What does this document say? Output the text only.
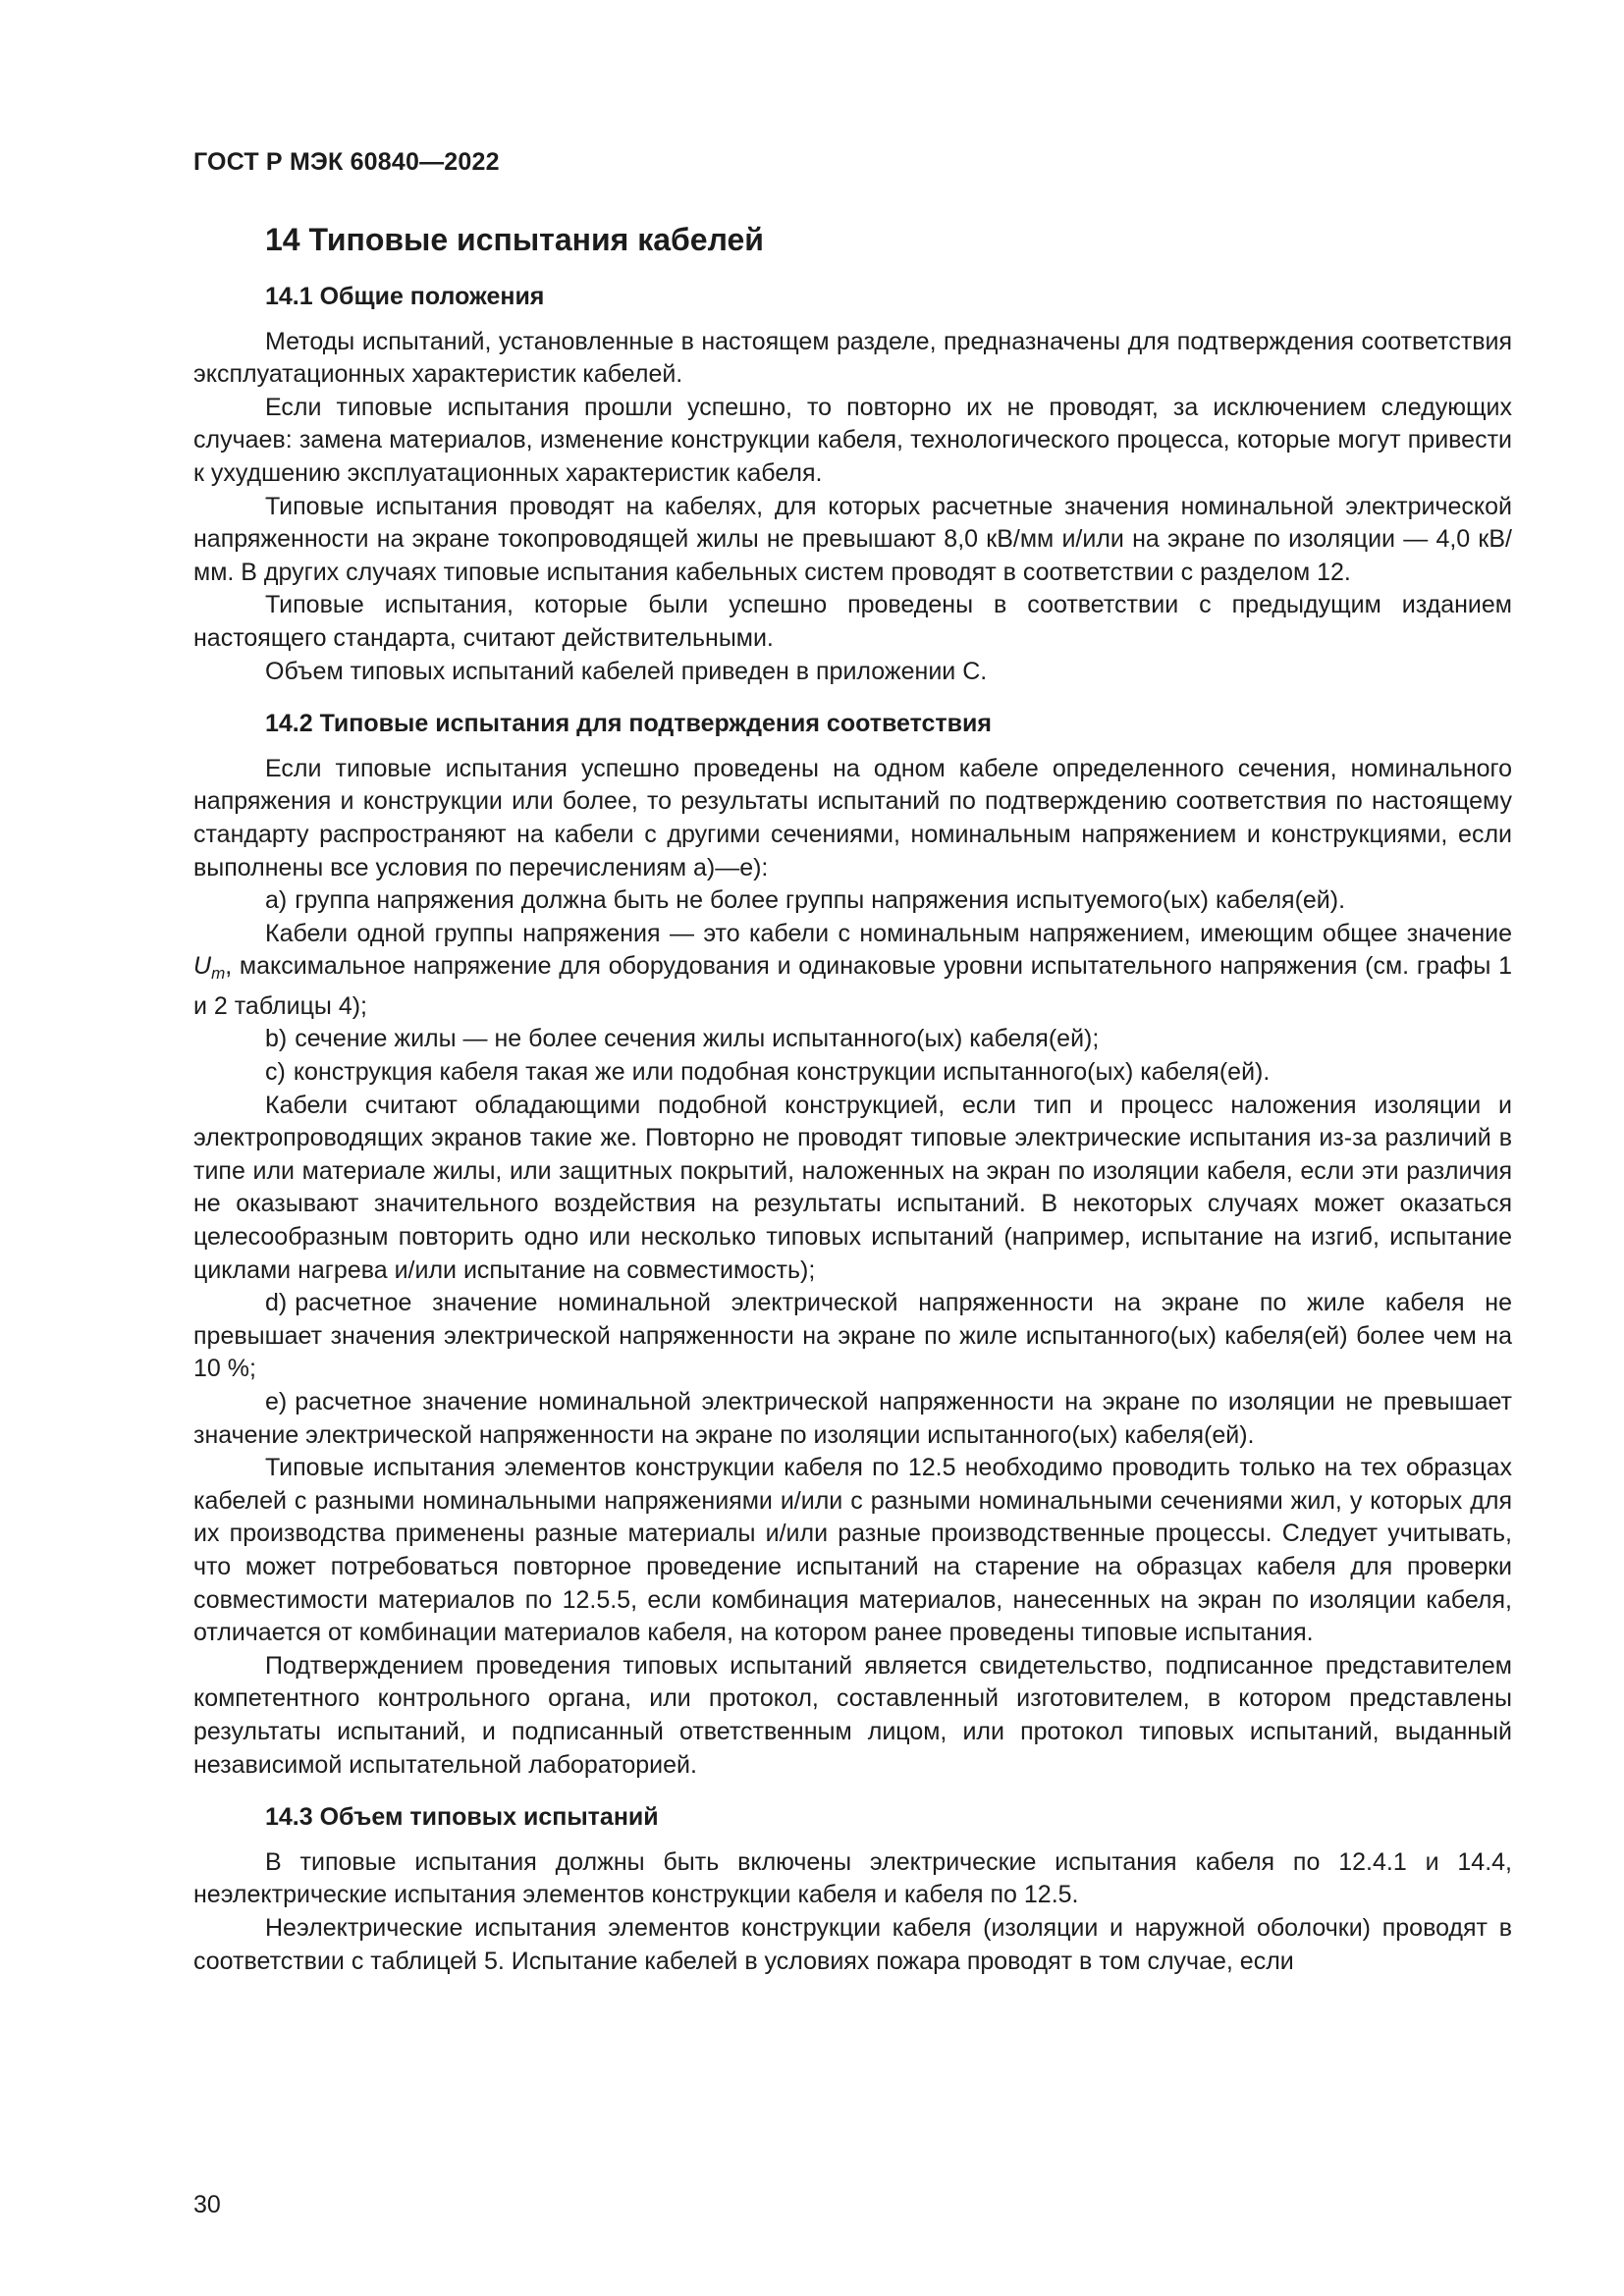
ГОСТ Р МЭК 60840—2022
14 Типовые испытания кабелей
14.1 Общие положения

Методы испытаний, установленные в настоящем разделе, предназначены для подтверждения соответствия эксплуатационных характеристик кабелей.

Если типовые испытания прошли успешно, то повторно их не проводят, за исключением следующих случаев: замена материалов, изменение конструкции кабеля, технологического процесса, которые могут привести к ухудшению эксплуатационных характеристик кабеля.

Типовые испытания проводят на кабелях, для которых расчетные значения номинальной электрической напряженности на экране токопроводящей жилы не превышают 8,0 кВ/мм и/или на экране по изоляции — 4,0 кВ/мм. В других случаях типовые испытания кабельных систем проводят в соответствии с разделом 12.

Типовые испытания, которые были успешно проведены в соответствии с предыдущим изданием настоящего стандарта, считают действительными.

Объем типовых испытаний кабелей приведен в приложении С.

14.2 Типовые испытания для подтверждения соответствия

Если типовые испытания успешно проведены на одном кабеле определенного сечения, номинального напряжения и конструкции или более, то результаты испытаний по подтверждению соответствия по настоящему стандарту распространяют на кабели с другими сечениями, номинальным напряжением и конструкциями, если выполнены все условия по перечислениям а)—е):

а) группа напряжения должна быть не более группы напряжения испытуемого(ых) кабеля(ей).

Кабели одной группы напряжения — это кабели с номинальным напряжением, имеющим общее значение $U_m$, максимальное напряжение для оборудования и одинаковые уровни испытательного напряжения (см. графы 1 и 2 таблицы 4);

b) сечение жилы — не более сечения жилы испытанного(ых) кабеля(ей);

с) конструкция кабеля такая же или подобная конструкции испытанного(ых) кабеля(ей).

Кабели считают обладающими подобной конструкцией, если тип и процесс наложения изоляции и электропроводящих экранов такие же. Повторно не проводят типовые электрические испытания из-за различий в типе или материале жилы, или защитных покрытий, наложенных на экран по изоляции кабеля, если эти различия не оказывают значительного воздействия на результаты испытаний. В некоторых случаях может оказаться целесообразным повторить одно или несколько типовых испытаний (например, испытание на изгиб, испытание циклами нагрева и/или испытание на совместимость);

d) расчетное значение номинальной электрической напряженности на экране по жиле кабеля не превышает значения электрической напряженности на экране по жиле испытанного(ых) кабеля(ей) более чем на 10 %;

е) расчетное значение номинальной электрической напряженности на экране по изоляции не превышает значение электрической напряженности на экране по изоляции испытанного(ых) кабеля(ей).

Типовые испытания элементов конструкции кабеля по 12.5 необходимо проводить только на тех образцах кабелей с разными номинальными напряжениями и/или с разными номинальными сечениями жил, у которых для их производства применены разные материалы и/или разные производственные процессы. Следует учитывать, что может потребоваться повторное проведение испытаний на старение на образцах кабеля для проверки совместимости материалов по 12.5.5, если комбинация материалов, нанесенных на экран по изоляции кабеля, отличается от комбинации материалов кабеля, на котором ранее проведены типовые испытания.

Подтверждением проведения типовых испытаний является свидетельство, подписанное представителем компетентного контрольного органа, или протокол, составленный изготовителем, в котором представлены результаты испытаний, и подписанный ответственным лицом, или протокол типовых испытаний, выданный независимой испытательной лабораторией.

14.3 Объем типовых испытаний

В типовые испытания должны быть включены электрические испытания кабеля по 12.4.1 и 14.4, неэлектрические испытания элементов конструкции кабеля и кабеля по 12.5.

Неэлектрические испытания элементов конструкции кабеля (изоляции и наружной оболочки) проводят в соответствии с таблицей 5. Испытание кабелей в условиях пожара проводят в том случае, если

30
